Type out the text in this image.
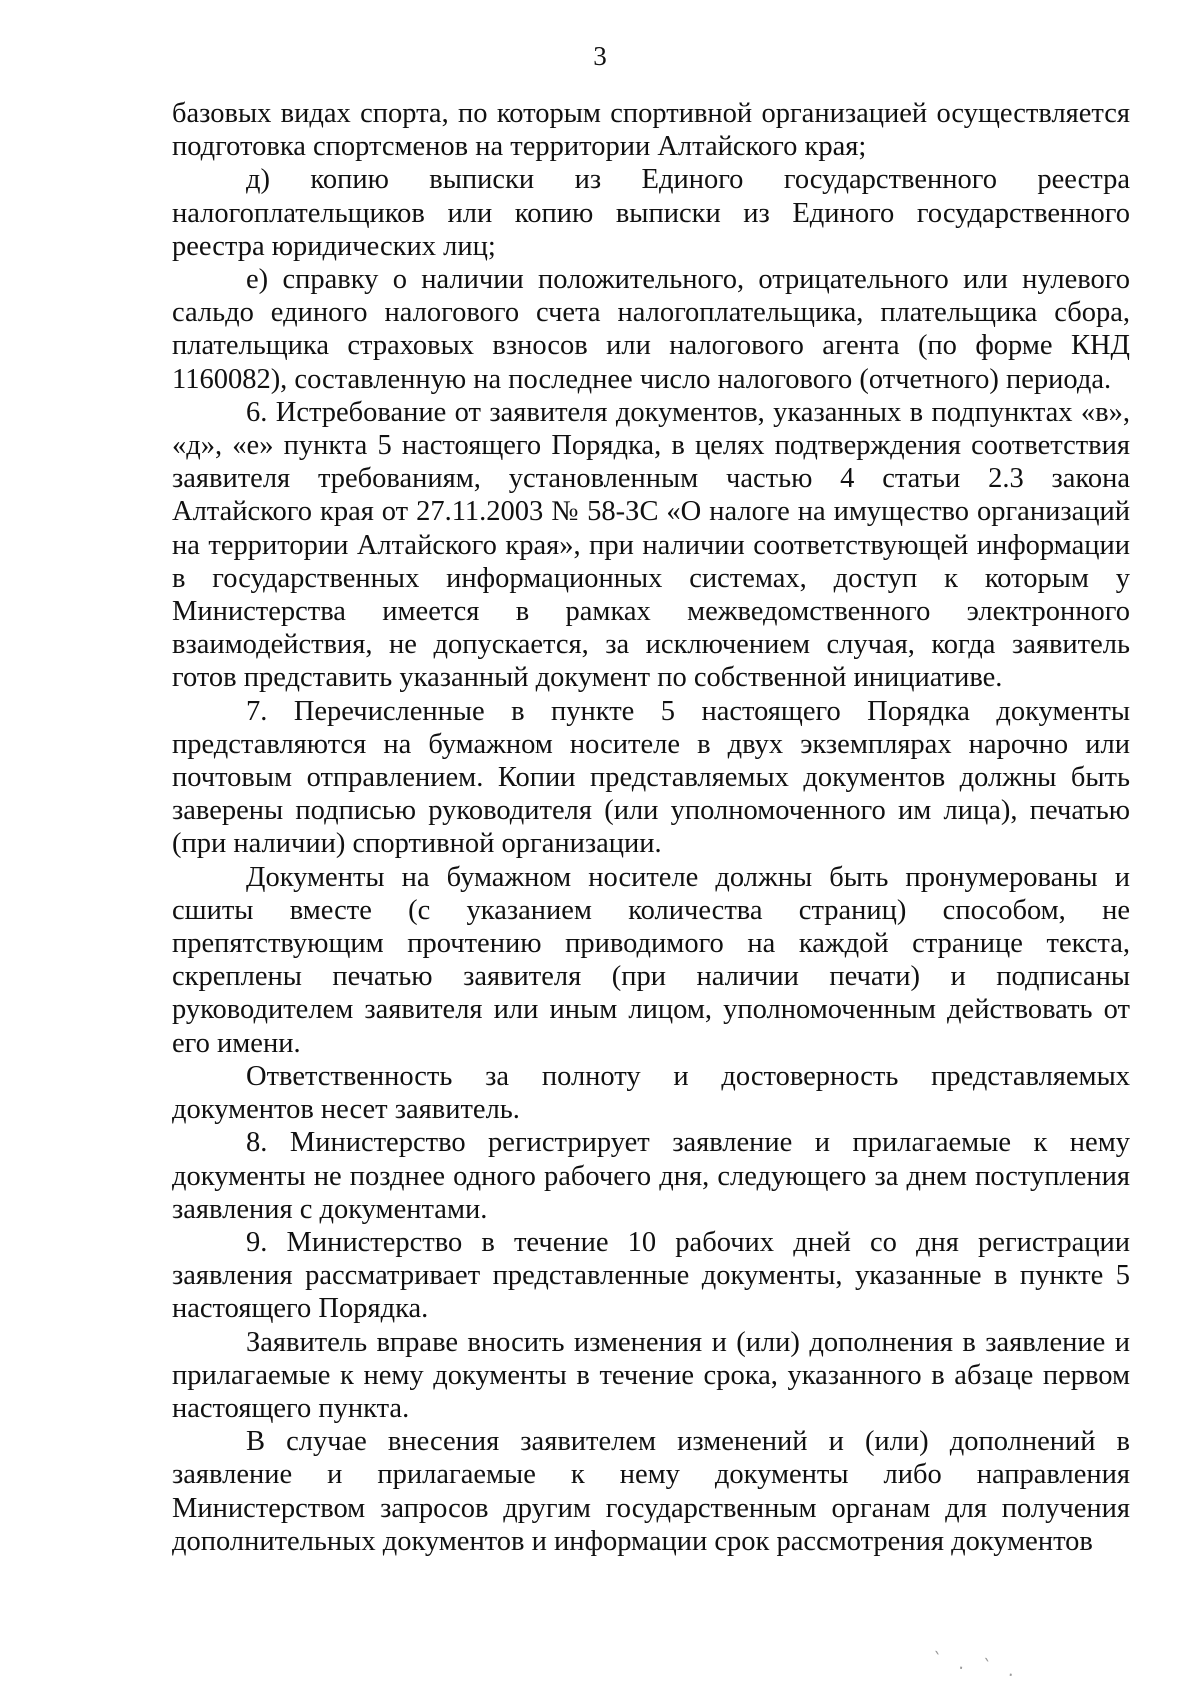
3

базовых видах спорта, по которым спортивной организацией осуществляется подготовка спортсменов на территории Алтайского края;

д) копию выписки из Единого государственного реестра налогоплательщиков или копию выписки из Единого государственного реестра юридических лиц;

е) справку о наличии положительного, отрицательного или нулевого сальдо единого налогового счета налогоплательщика, плательщика сбора, плательщика страховых взносов или налогового агента (по форме КНД 1160082), составленную на последнее число налогового (отчетного) периода.

6. Истребование от заявителя документов, указанных в подпунктах «в», «д», «е» пункта 5 настоящего Порядка, в целях подтверждения соответствия заявителя требованиям, установленным частью 4 статьи 2.3 закона Алтайского края от 27.11.2003 № 58-ЗС «О налоге на имущество организаций на территории Алтайского края», при наличии соответствующей информации в государственных информационных системах, доступ к которым у Министерства имеется в рамках межведомственного электронного взаимодействия, не допускается, за исключением случая, когда заявитель готов представить указанный документ по собственной инициативе.

7. Перечисленные в пункте 5 настоящего Порядка документы представляются на бумажном носителе в двух экземплярах нарочно или почтовым отправлением. Копии представляемых документов должны быть заверены подписью руководителя (или уполномоченного им лица), печатью (при наличии) спортивной организации.

Документы на бумажном носителе должны быть пронумерованы и сшиты вместе (с указанием количества страниц) способом, не препятствующим прочтению приводимого на каждой странице текста, скреплены печатью заявителя (при наличии печати) и подписаны руководителем заявителя или иным лицом, уполномоченным действовать от его имени.

Ответственность за полноту и достоверность представляемых документов несет заявитель.

8. Министерство регистрирует заявление и прилагаемые к нему документы не позднее одного рабочего дня, следующего за днем поступления заявления с документами.

9. Министерство в течение 10 рабочих дней со дня регистрации заявления рассматривает представленные документы, указанные в пункте 5 настоящего Порядка.

Заявитель вправе вносить изменения и (или) дополнения в заявление и прилагаемые к нему документы в течение срока, указанного в абзаце первом настоящего пункта.

В случае внесения заявителем изменений и (или) дополнений в заявление и прилагаемые к нему документы либо направления Министерством запросов другим государственным органам для получения дополнительных документов и информации срок рассмотрения документов

` . ` .
